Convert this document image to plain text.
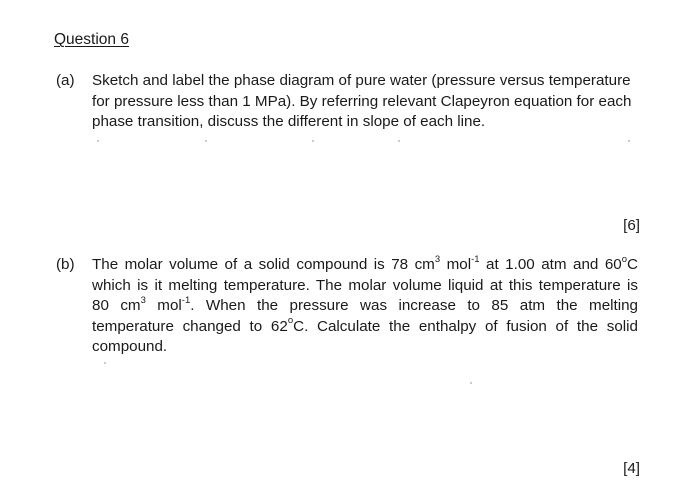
Question 6
(a) Sketch and label the phase diagram of pure water (pressure versus temperature
for pressure less than 1 MPa). By referring relevant Clapeyron equation for each
phase transition, discuss the different in slope of each line.
[6]
(b) The molar volume of a solid compound is 78 $cm^3$ mol$^{-1}$ at 1.00 atm and 60$^o$C
which is it melting temperature. The molar volume liquid at this temperature is
80 $cm^3$ mol$^{-1}$. When the pressure was increase to 85 atm the melting
temperature changed to 62$^o$C. Calculate the enthalpy of fusion of the solid
compound.
[4]
